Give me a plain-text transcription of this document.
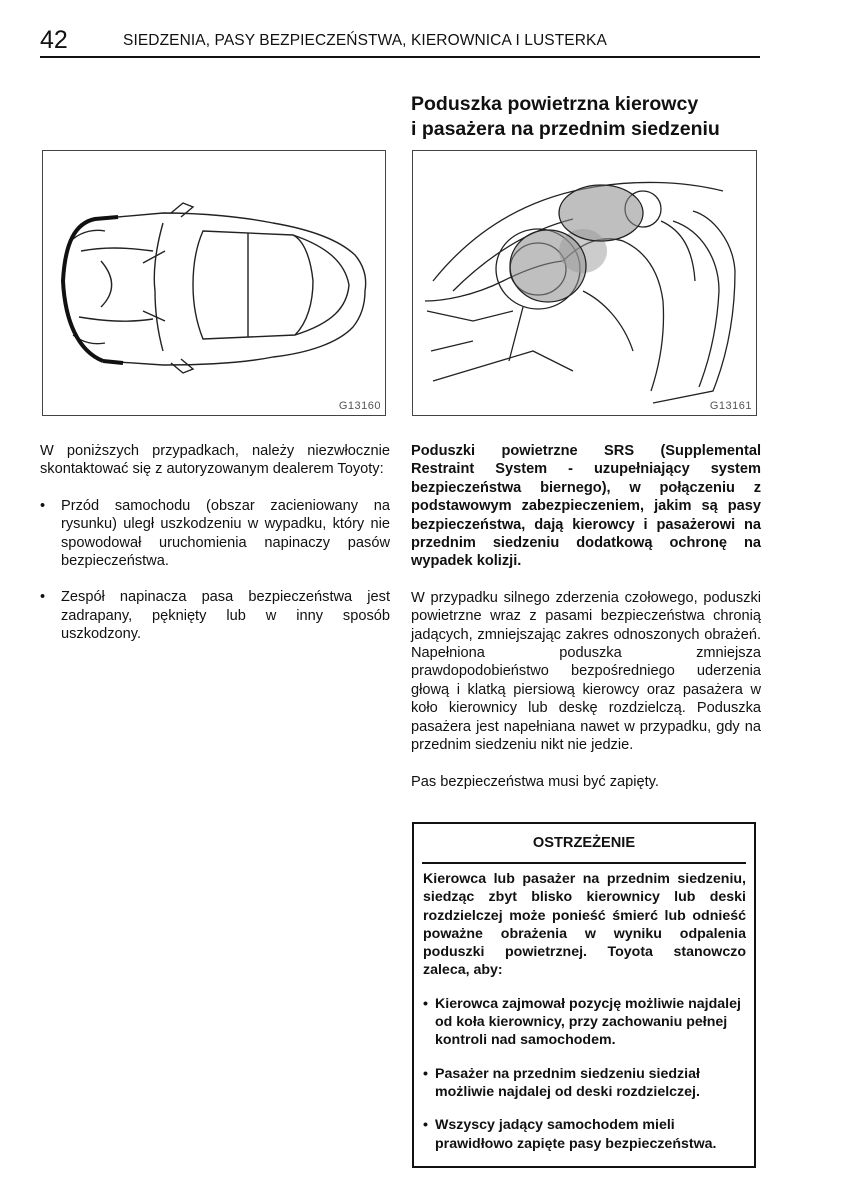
42	SIEDZENIA, PASY BEZPIECZEŃSTWA, KIEROWNICA I LUSTERKA
Poduszka powietrzna kierowcy
i pasażera na przednim siedzeniu
G13160	G13161

W poniższych przypadkach, należy niezwłocznie skontaktować się z autoryzowanym dealerem Toyoty:

• Przód samochodu (obszar zacieniowany na rysunku) uległ uszkodzeniu w wypadku, który nie spowodował uruchomienia napinaczy pasów bezpieczeństwa.

• Zespół napinacza pasa bezpieczeństwa jest zadrapany, pęknięty lub w inny sposób uszkodzony.

Poduszki powietrzne SRS (Supplemental Restraint System - uzupełniający system bezpieczeństwa biernego), w połączeniu z podstawowym zabezpieczeniem, jakim są pasy bezpieczeństwa, dają kierowcy i pasażerowi na przednim siedzeniu dodatkową ochronę na wypadek kolizji.

W przypadku silnego zderzenia czołowego, poduszki powietrzne wraz z pasami bezpieczeństwa chronią jadących, zmniejszając zakres odnoszonych obrażeń. Napełniona poduszka zmniejsza prawdopodobieństwo bezpośredniego uderzenia głową i klatką piersiową kierowcy oraz pasażera w koło kierownicy lub deskę rozdzielczą. Poduszka pasażera jest napełniana nawet w przypadku, gdy na przednim siedzeniu nikt nie jedzie.

Pas bezpieczeństwa musi być zapięty.

OSTRZEŻENIE

Kierowca lub pasażer na przednim siedzeniu, siedząc zbyt blisko kierownicy lub deski rozdzielczej może ponieść śmierć lub odnieść poważne obrażenia w wyniku odpalenia poduszki powietrznej. Toyota stanowczo zaleca, aby:

• Kierowca zajmował pozycję możliwie najdalej od koła kierownicy, przy zachowaniu pełnej kontroli nad samochodem.

• Pasażer na przednim siedzeniu siedział możliwie najdalej od deski rozdzielczej.

• Wszyscy jadący samochodem mieli prawidłowo zapięte pasy bezpieczeństwa.
